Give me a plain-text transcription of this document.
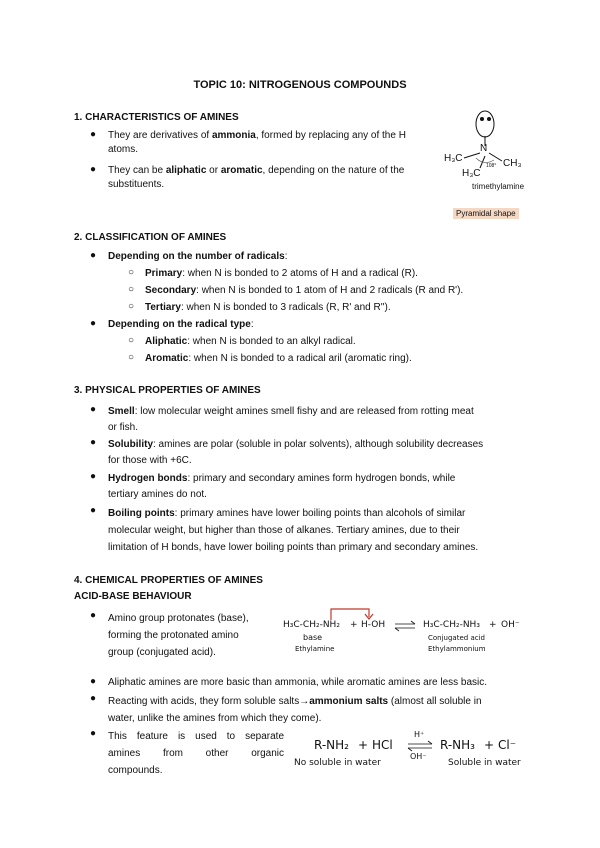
TOPIC 10: NITROGENOUS COMPOUNDS
1. CHARACTERISTICS OF AMINES
● They are derivatives of ammonia, formed by replacing any of the H
atoms.
● They can be aliphatic or aromatic, depending on the nature of the
substituents.
N
H₃C	CH₃
H₃C
108°
trimethylamine
Pyramidal shape
2. CLASSIFICATION OF AMINES
● Depending on the number of radicals:
○ Primary: when N is bonded to 2 atoms of H and a radical (R).
○ Secondary: when N is bonded to 1 atom of H and 2 radicals (R and R').
○ Tertiary: when N is bonded to 3 radicals (R, R' and R'').
● Depending on the radical type:
○ Aliphatic: when N is bonded to an alkyl radical.
○ Aromatic: when N is bonded to a radical aril (aromatic ring).
3. PHYSICAL PROPERTIES OF AMINES
● Smell: low molecular weight amines smell fishy and are released from rotting meat
or fish.
● Solubility: amines are polar (soluble in polar solvents), although solubility decreases
for those with +6C.
● Hydrogen bonds: primary and secondary amines form hydrogen bonds, while
tertiary amines do not.
● Boiling points: primary amines have lower boiling points than alcohols of similar
molecular weight, but higher than those of alkanes. Tertiary amines, due to their
limitation of H bonds, have lower boiling points than primary and secondary amines.
4. CHEMICAL PROPERTIES OF AMINES
ACID-BASE BEHAVIOUR
● Amino group protonates (base),
forming the protonated amino
group (conjugated acid).
H₃C-CH₂-NH₂ + H-OH	H₃C-CH₂-NH₃ + OH⁻
base
Ethylamine
Conjugated acid
Ethylammonium
● Aliphatic amines are more basic than ammonia, while aromatic amines are less basic.
● Reacting with acids, they form soluble salts→ammonium salts (almost all soluble in
water, unlike the amines from which they come).
● This feature is used to separate
amines from other organic

compounds.
R-NH₂ + HCl
H⁺
OH⁻
R-NH₃ + Cl⁻
No soluble in water	Soluble in water
